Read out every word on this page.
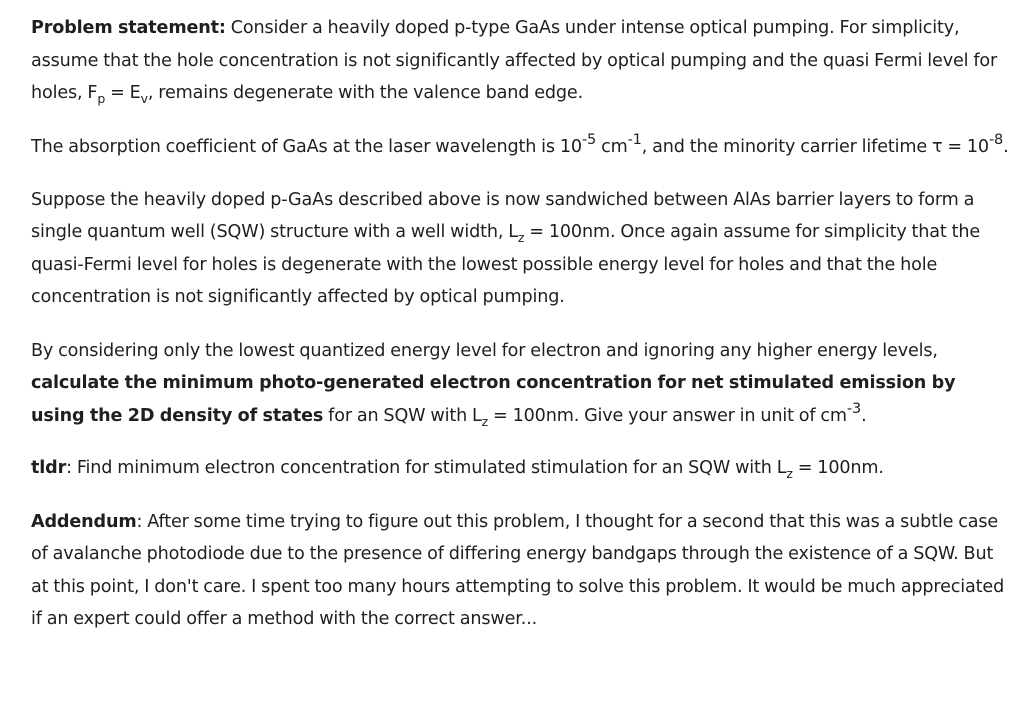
Problem statement: Consider a heavily doped p-type GaAs under intense optical pumping. For simplicity, assume that the hole concentration is not significantly affected by optical pumping and the quasi Fermi level for holes, $F_p = E_v$, remains degenerate with the valence band edge.

The absorption coefficient of GaAs at the laser wavelength is $10^{-5}$ $cm^{-1}$, and the minority carrier lifetime $\tau = 10^{-8}$.

Suppose the heavily doped p-GaAs described above is now sandwiched between AlAs barrier layers to form a single quantum well (SQW) structure with a well width, $L_z = 100nm$. Once again assume for simplicity that the quasi-Fermi level for holes is degenerate with the lowest possible energy level for holes and that the hole concentration is not significantly affected by optical pumping.

By considering only the lowest quantized energy level for electron and ignoring any higher energy levels, calculate the minimum photo-generated electron concentration for net stimulated emission by using the 2D density of states for an SQW with $L_z = 100nm$. Give your answer in unit of $cm^{-3}$.

tldr: Find minimum electron concentration for stimulated stimulation for an SQW with $L_z = 100nm$.

Addendum: After some time trying to figure out this problem, I thought for a second that this was a subtle case of avalanche photodiode due to the presence of differing energy bandgaps through the existence of a SQW. But at this point, I don't care. I spent too many hours attempting to solve this problem. It would be much appreciated if an expert could offer a method with the correct answer...
